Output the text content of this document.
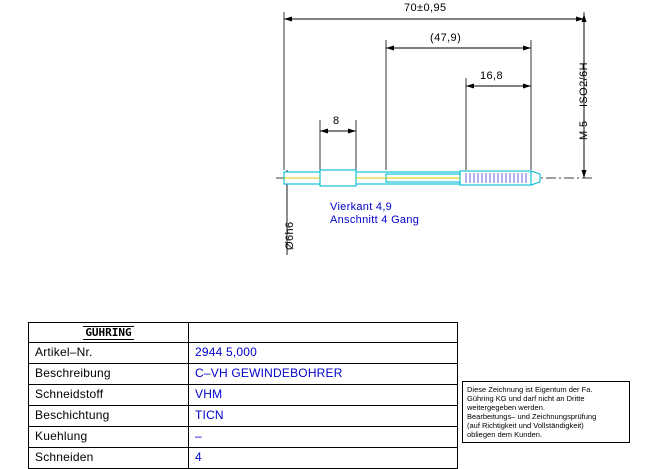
70±0,95
(47,9)
16,8
8
Ø6h6
M 5 – ISO2/6H
Vierkant 4,9
Anschnitt 4 Gang
GÜHRING
Artikel–Nr.	2944 5,000
Beschreibung	C–VH GEWINDEBOHRER
Schneidstoff	VHM
Beschichtung	TICN
Kuehlung	–
Schneiden	4
Diese Zeichnung ist Eigentum der Fa.
Gühring KG und darf nicht an Dritte
weitergegeben werden.
Bearbeitungs– und Zeichnungsprüfung
(auf Richtigkeit und Vollständigkeit)
obliegen dem Kunden.
